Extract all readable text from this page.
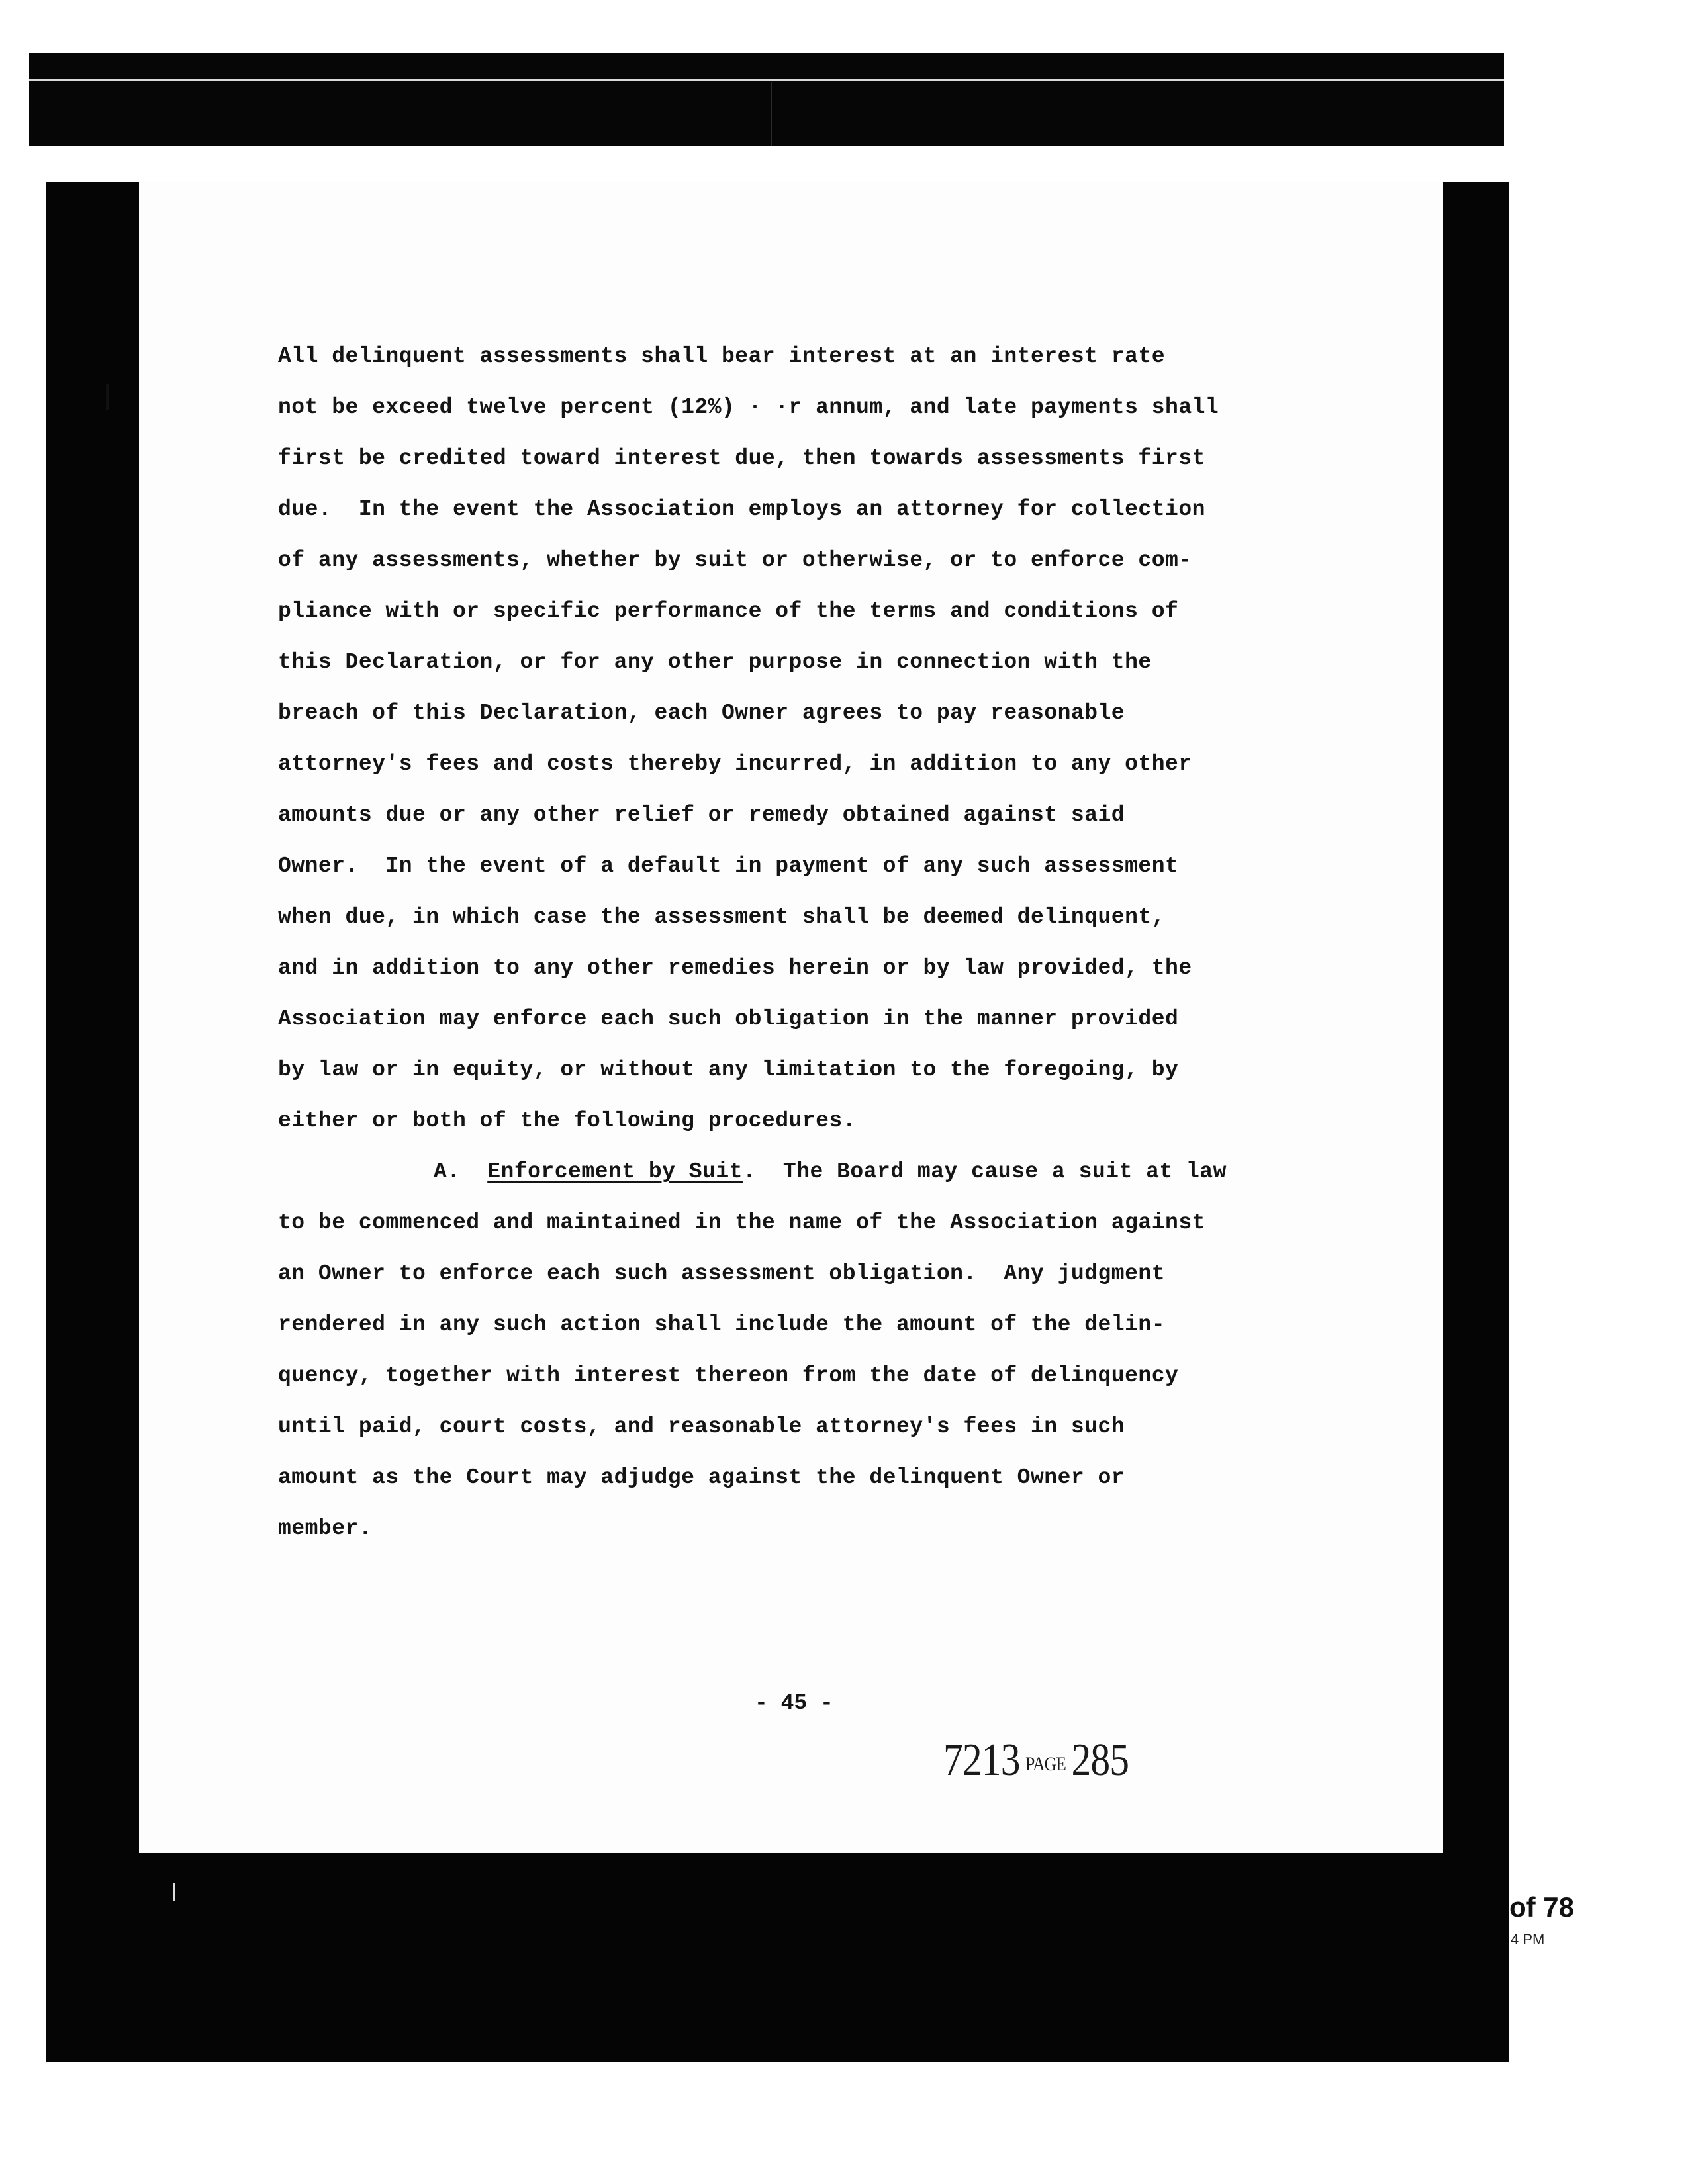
All delinquent assessments shall bear interest at an interest rate
not be exceed twelve percent (12%) · ·r annum, and late payments shall
first be credited toward interest due, then towards assessments first
due.  In the event the Association employs an attorney for collection
of any assessments, whether by suit or otherwise, or to enforce com-
pliance with or specific performance of the terms and conditions of
this Declaration, or for any other purpose in connection with the
breach of this Declaration, each Owner agrees to pay reasonable
attorney's fees and costs thereby incurred, in addition to any other
amounts due or any other relief or remedy obtained against said
Owner.  In the event of a default in payment of any such assessment
when due, in which case the assessment shall be deemed delinquent,
and in addition to any other remedies herein or by law provided, the
Association may enforce each such obligation in the manner provided
by law or in equity, or without any limitation to the foregoing, by
either or both of the following procedures.
A. Enforcement by Suit.  The Board may cause a suit at law
to be commenced and maintained in the name of the Association against
an Owner to enforce each such assessment obligation.  Any judgment
rendered in any such action shall include the amount of the delin-
quency, together with interest thereon from the date of delinquency
until paid, court costs, and reasonable attorney's fees in such
amount as the Court may adjudge against the delinquent Owner or
member.
- 45 -
7213 PAGE 285
of 78
4 PM
